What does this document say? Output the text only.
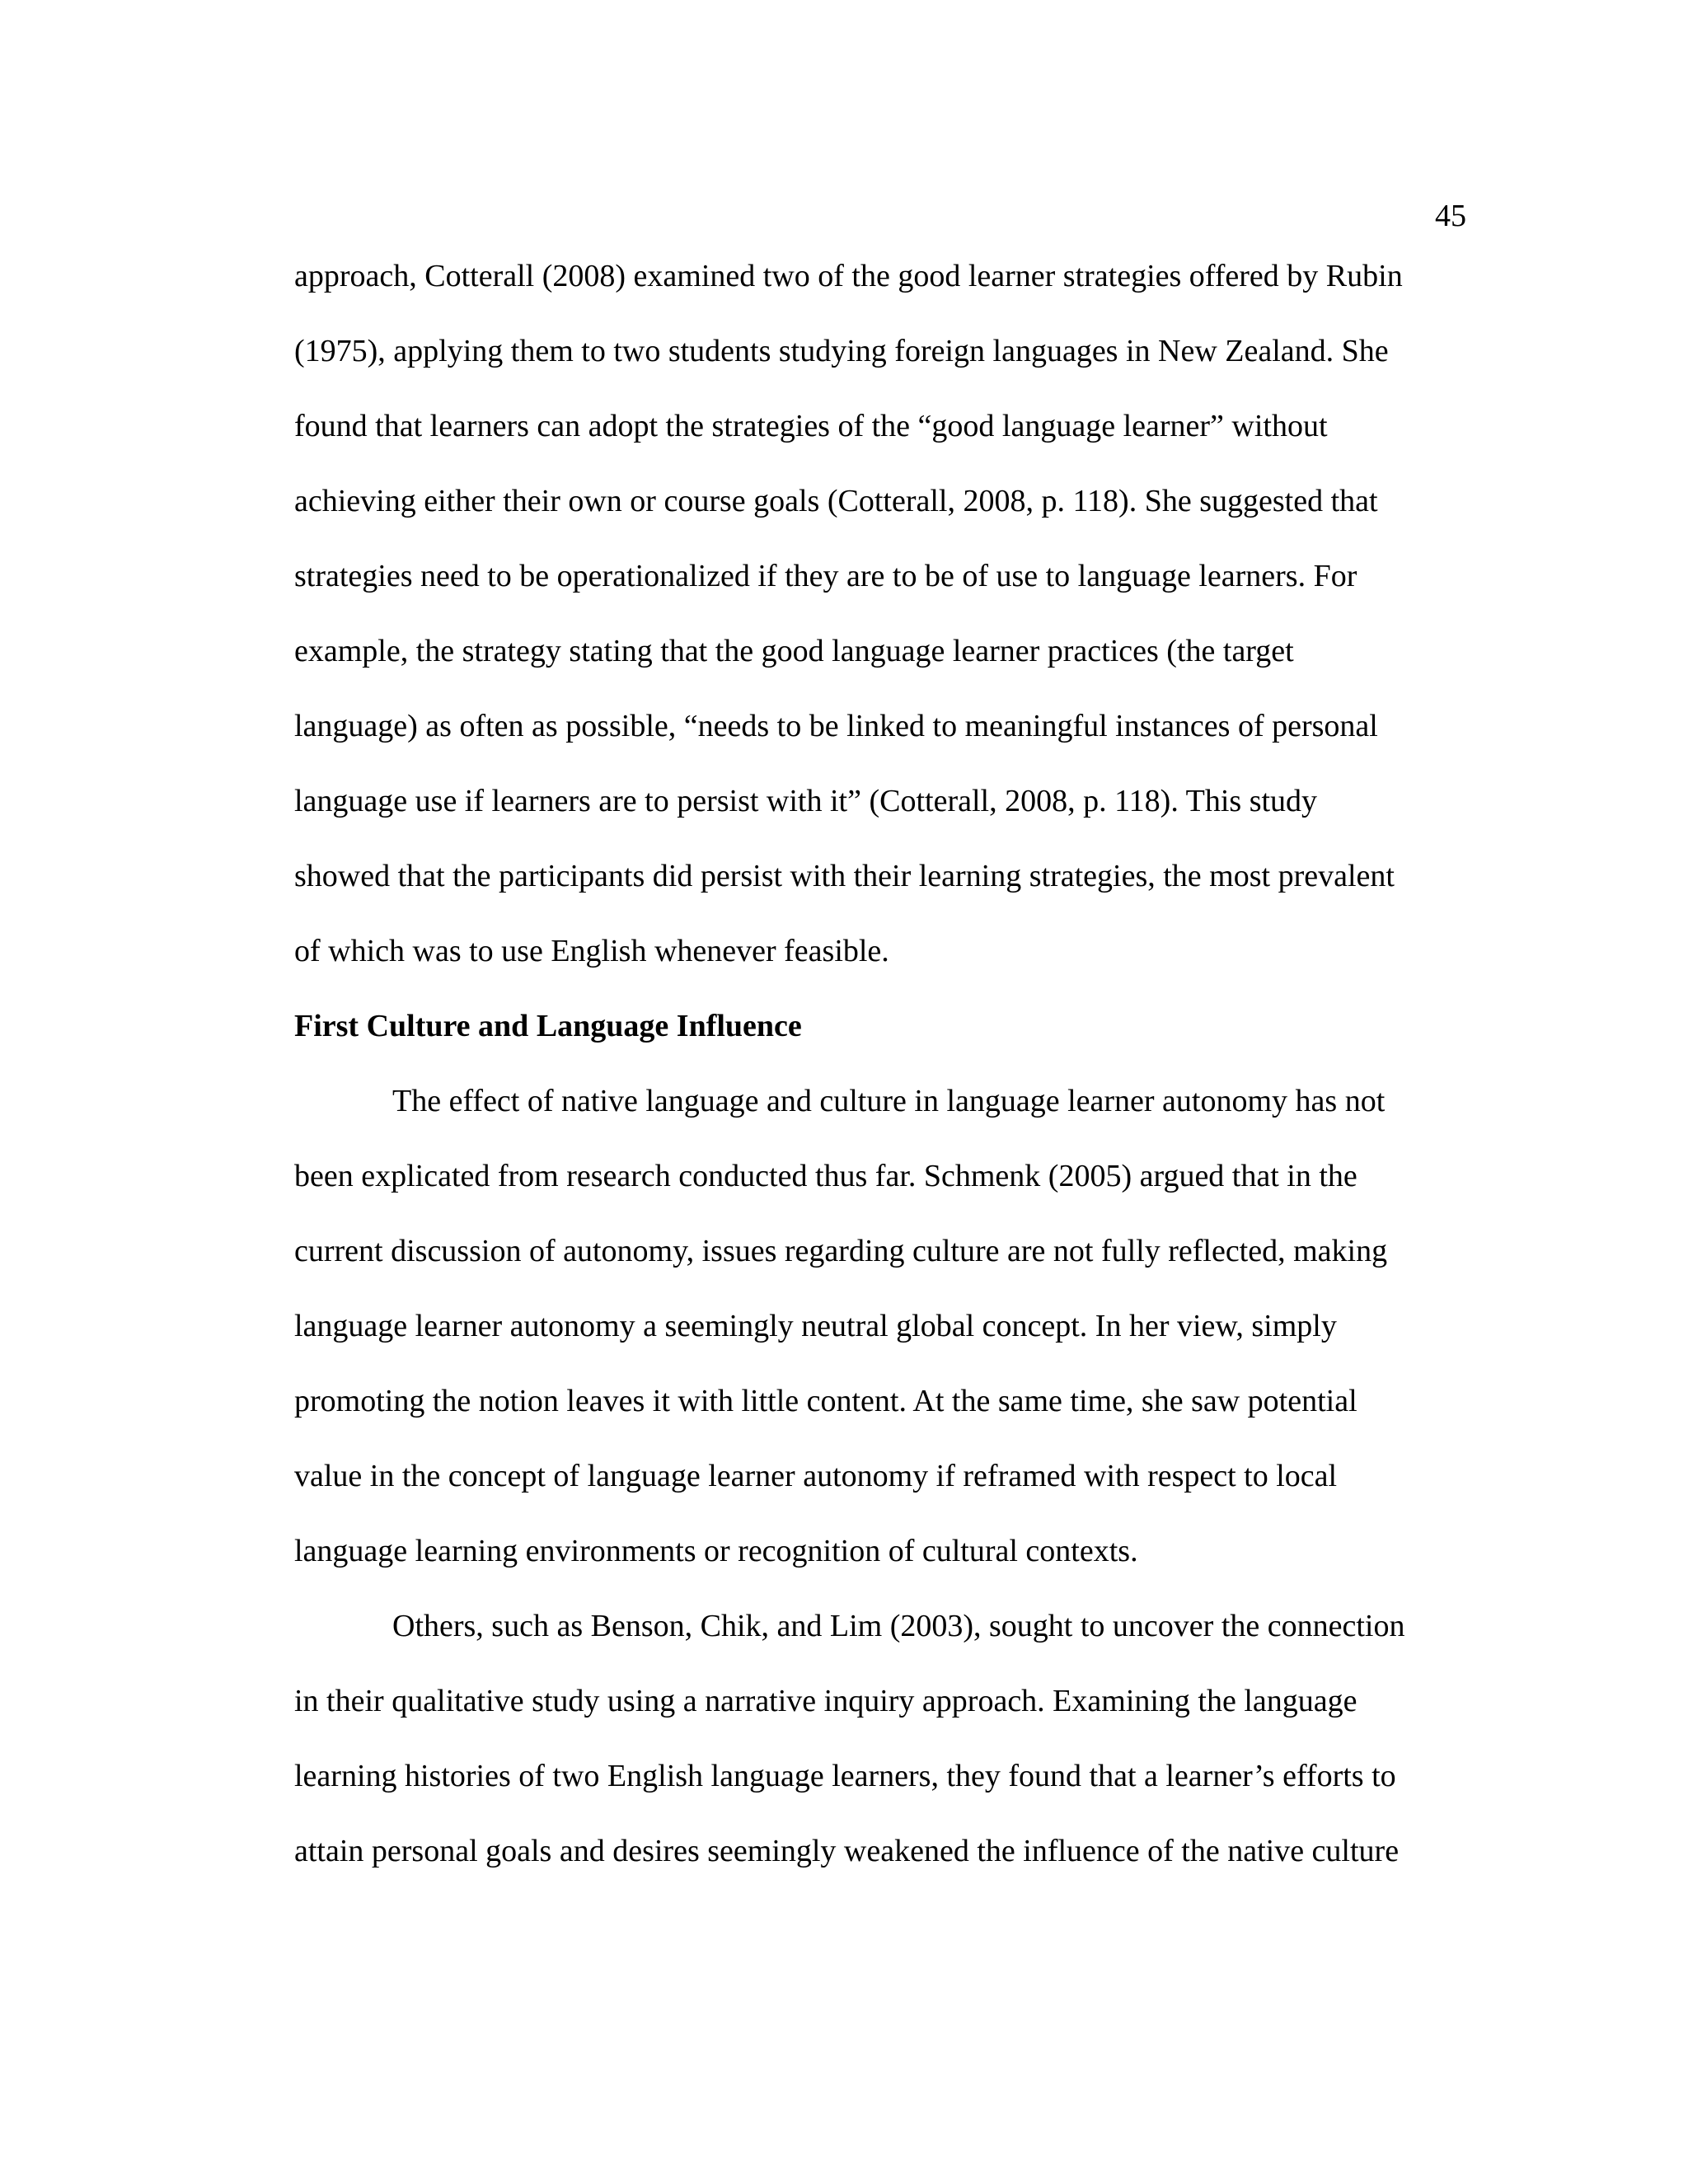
45
approach, Cotterall (2008) examined two of the good learner strategies offered by Rubin
(1975), applying them to two students studying foreign languages in New Zealand. She
found that learners can adopt the strategies of the “good language learner” without
achieving either their own or course goals (Cotterall, 2008, p. 118). She suggested that
strategies need to be operationalized if they are to be of use to language learners. For
example, the strategy stating that the good language learner practices (the target
language) as often as possible, “needs to be linked to meaningful instances of personal
language use if learners are to persist with it” (Cotterall, 2008, p. 118). This study
showed that the participants did persist with their learning strategies, the most prevalent
of which was to use English whenever feasible.
First Culture and Language Influence
The effect of native language and culture in language learner autonomy has not
been explicated from research conducted thus far. Schmenk (2005) argued that in the
current discussion of autonomy, issues regarding culture are not fully reflected, making
language learner autonomy a seemingly neutral global concept. In her view, simply
promoting the notion leaves it with little content. At the same time, she saw potential
value in the concept of language learner autonomy if reframed with respect to local
language learning environments or recognition of cultural contexts.
Others, such as Benson, Chik, and Lim (2003), sought to uncover the connection
in their qualitative study using a narrative inquiry approach. Examining the language
learning histories of two English language learners, they found that a learner’s efforts to
attain personal goals and desires seemingly weakened the influence of the native culture
